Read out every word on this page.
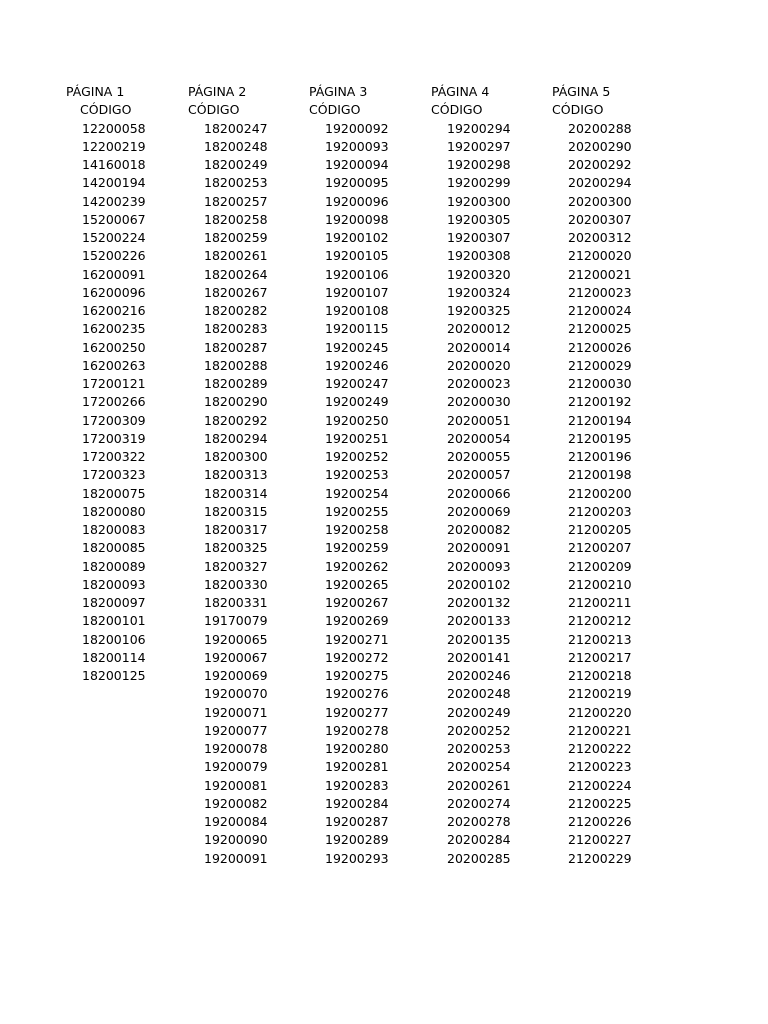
PÁGINA 1
CÓDIGO
12200058
12200219
14160018
14200194
14200239
15200067
15200224
15200226
16200091
16200096
16200216
16200235
16200250
16200263
17200121
17200266
17200309
17200319
17200322
17200323
18200075
18200080
18200083
18200085
18200089
18200093
18200097
18200101
18200106
18200114
18200125
PÁGINA 2
CÓDIGO
18200247
18200248
18200249
18200253
18200257
18200258
18200259
18200261
18200264
18200267
18200282
18200283
18200287
18200288
18200289
18200290
18200292
18200294
18200300
18200313
18200314
18200315
18200317
18200325
18200327
18200330
18200331
19170079
19200065
19200067
19200069
19200070
19200071
19200077
19200078
19200079
19200081
19200082
19200084
19200090
19200091
PÁGINA 3
CÓDIGO
19200092
19200093
19200094
19200095
19200096
19200098
19200102
19200105
19200106
19200107
19200108
19200115
19200245
19200246
19200247
19200249
19200250
19200251
19200252
19200253
19200254
19200255
19200258
19200259
19200262
19200265
19200267
19200269
19200271
19200272
19200275
19200276
19200277
19200278
19200280
19200281
19200283
19200284
19200287
19200289
19200293
PÁGINA 4
CÓDIGO
19200294
19200297
19200298
19200299
19200300
19200305
19200307
19200308
19200320
19200324
19200325
20200012
20200014
20200020
20200023
20200030
20200051
20200054
20200055
20200057
20200066
20200069
20200082
20200091
20200093
20200102
20200132
20200133
20200135
20200141
20200246
20200248
20200249
20200252
20200253
20200254
20200261
20200274
20200278
20200284
20200285
PÁGINA 5
CÓDIGO
20200288
20200290
20200292
20200294
20200300
20200307
20200312
21200020
21200021
21200023
21200024
21200025
21200026
21200029
21200030
21200192
21200194
21200195
21200196
21200198
21200200
21200203
21200205
21200207
21200209
21200210
21200211
21200212
21200213
21200217
21200218
21200219
21200220
21200221
21200222
21200223
21200224
21200225
21200226
21200227
21200229
